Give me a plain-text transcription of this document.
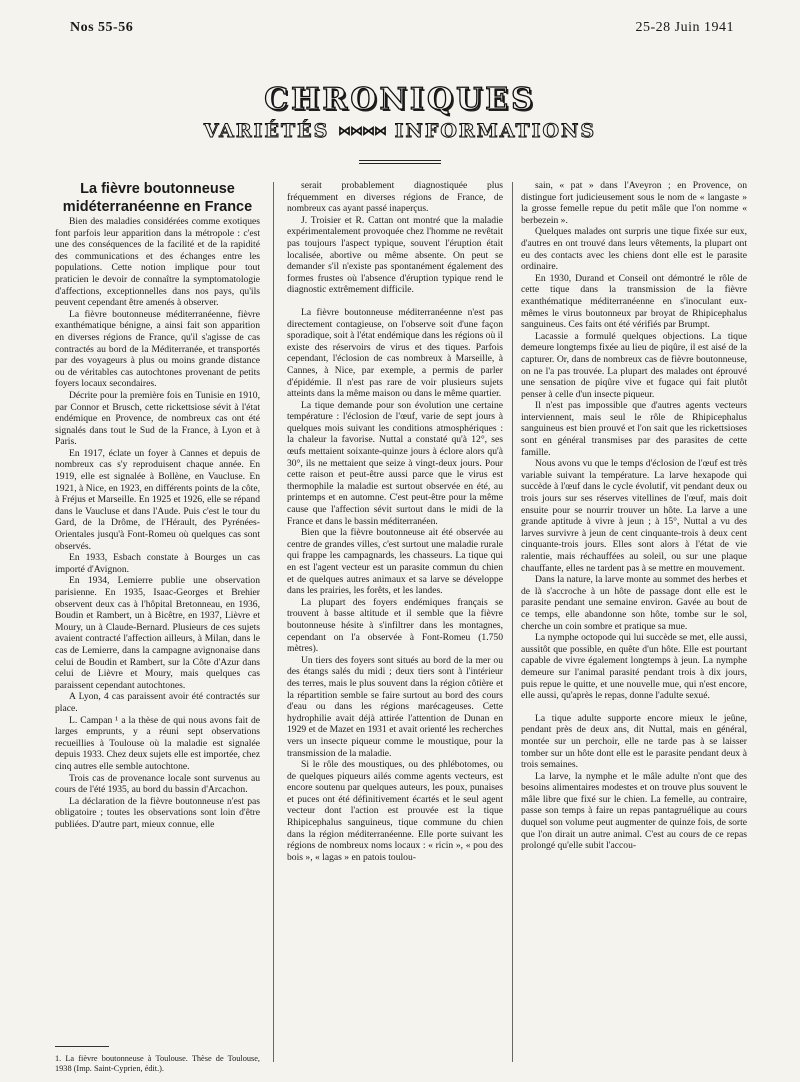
Nos 55-56	25-28 Juin 1941
CHRONIQUES
VARIÉTÉS ⋈⋈⋈⋈ INFORMATIONS

La fièvre boutonneuse midéterranéenne en France

Bien des maladies considérées comme exotiques font parfois leur apparition dans la métropole : c'est une des conséquences de la facilité et de la rapidité des communications et des échanges entre les populations. Cette notion implique pour tout praticien le devoir de connaître la symptomatologie d'affections, exceptionnelles dans nos pays, qu'ils peuvent cependant être amenés à observer.

La fièvre boutonneuse méditerranéenne, fièvre exanthématique bénigne, a ainsi fait son apparition en diverses régions de France, qu'il s'agisse de cas contractés au bord de la Méditerranée, et transportés par des voyageurs à plus ou moins grande distance ou de véritables cas autochtones provenant de petits foyers locaux secondaires.

Décrite pour la première fois en Tunisie en 1910, par Connor et Brusch, cette rickettsiose sévit à l'état endémique en Provence, de nombreux cas ont été signalés dans tout le Sud de la France, à Lyon et à Paris.

En 1917, éclate un foyer à Cannes et depuis de nombreux cas s'y reproduisent chaque année. En 1919, elle est signalée à Bollène, en Vaucluse. En 1921, à Nice, en 1923, en différents points de la côte, à Fréjus et Marseille. En 1925 et 1926, elle se répand dans le Vaucluse et dans l'Aude. Puis c'est le tour du Gard, de la Drôme, de l'Hérault, des Pyrénées-Orientales jusqu'à Font-Romeu où quelques cas sont observés.

En 1933, Esbach constate à Bourges un cas importé d'Avignon.

En 1934, Lemierre publie une observation parisienne. En 1935, Isaac-Georges et Brehier observent deux cas à l'hôpital Bretonneau, en 1936, Boudin et Rambert, un à Bicêtre, en 1937, Lièvre et Moury, un à Claude-Bernard. Plusieurs de ces sujets avaient contracté l'affection ailleurs, à Milan, dans le cas de Lemierre, dans la campagne avignonaise dans celui de Boudin et Rambert, sur la Côte d'Azur dans celui de Lièvre et Moury, mais quelques cas paraissent cependant autochtones.

A Lyon, 4 cas paraissent avoir été contractés sur place.

L. Campan ¹ a la thèse de qui nous avons fait de larges emprunts, y a réuni sept observations recueillies à Toulouse où la maladie est signalée depuis 1933. Chez deux sujets elle est importée, chez cinq autres elle semble autochtone.

Trois cas de provenance locale sont survenus au cours de l'été 1935, au bord du bassin d'Arcachon.

La déclaration de la fièvre boutonneuse n'est pas obligatoire ; toutes les observations sont loin d'être publiées. D'autre part, mieux connue, elle

1. La fièvre boutonneuse à Toulouse. Thèse de Toulouse, 1938 (Imp. Saint-Cyprien, édit.).

serait probablement diagnostiquée plus fréquemment en diverses régions de France, de nombreux cas ayant passé inaperçus.

J. Troisier et R. Cattan ont montré que la maladie expérimentalement provoquée chez l'homme ne revêtait pas toujours l'aspect typique, souvent l'éruption était localisée, abortive ou même absente. On peut se demander s'il n'existe pas spontanément également des formes frustes où l'absence d'éruption typique rend le diagnostic extrêmement difficile.

La fièvre boutonneuse méditerranéenne n'est pas directement contagieuse, on l'observe soit d'une façon sporadique, soit à l'état endémique dans les régions où il existe des réservoirs de virus et des tiques. Parfois cependant, l'éclosion de cas nombreux à Marseille, à Cannes, à Nice, par exemple, a permis de parler d'épidémie. Il n'est pas rare de voir plusieurs sujets atteints dans la même maison ou dans le même quartier.

La tique demande pour son évolution une certaine température : l'éclosion de l'œuf, varie de sept jours à quelques mois suivant les conditions atmosphériques : la chaleur la favorise. Nuttal a constaté qu'à 12°, ses œufs mettaient soixante-quinze jours à éclore alors qu'à 30°, ils ne mettaient que seize à vingt-deux jours. Pour cette raison et peut-être aussi parce que le virus est thermophile la maladie est surtout observée en été, au printemps et en automne. C'est peut-être pour la même cause que l'affection sévit surtout dans le midi de la France et dans le bassin méditerranéen.

Bien que la fièvre boutonneuse ait été observée au centre de grandes villes, c'est surtout une maladie rurale qui frappe les campagnards, les chasseurs. La tique qui en est l'agent vecteur est un parasite commun du chien et de quelques autres animaux et sa larve se développe dans les prairies, les forêts, et les landes.

La plupart des foyers endémiques français se trouvent à basse altitude et il semble que la fièvre boutonneuse hésite à s'infiltrer dans les montagnes, cependant on l'a observée à Font-Romeu (1.750 mètres).

Un tiers des foyers sont situés au bord de la mer ou des étangs salés du midi ; deux tiers sont à l'intérieur des terres, mais le plus souvent dans la région côtière et la répartition semble se faire surtout au bord des cours d'eau ou dans les régions marécageuses. Cette hydrophilie avait déjà attirée l'attention de Dunan en 1929 et de Mazet en 1931 et avait orienté les recherches vers un insecte piqueur comme le moustique, pour la transmission de la maladie.

Si le rôle des moustiques, ou des phlébotomes, ou de quelques piqueurs ailés comme agents vecteurs, est encore soutenu par quelques auteurs, les poux, punaises et puces ont été définitivement écartés et le seul agent vecteur dont l'action est prouvée est la tique Rhipicephalus sanguineus, tique commune du chien dans la région méditerranéenne. Elle porte suivant les régions de nombreux noms locaux : « ricin », « pou des bois », « lagas » en patois toulou-

sain, « pat » dans l'Aveyron ; en Provence, on distingue fort judicieusement sous le nom de « langaste » la grosse femelle repue du petit mâle que l'on nomme « berbezein ».

Quelques malades ont surpris une tique fixée sur eux, d'autres en ont trouvé dans leurs vêtements, la plupart ont eu des contacts avec les chiens dont elle est le parasite ordinaire.

En 1930, Durand et Conseil ont démontré le rôle de cette tique dans la transmission de la fièvre exanthématique méditerranéenne en s'inoculant eux-mêmes le virus boutonneux par broyat de Rhipicephalus sanguineus. Ces faits ont été vérifiés par Brumpt.

Lacassie a formulé quelques objections. La tique demeure longtemps fixée au lieu de piqûre, il est aisé de la capturer. Or, dans de nombreux cas de fièvre boutonneuse, on ne l'a pas trouvée. La plupart des malades ont éprouvé une sensation de piqûre vive et fugace qui fait plutôt penser à celle d'un insecte piqueur.

Il n'est pas impossible que d'autres agents vecteurs interviennent, mais seul le rôle de Rhipicephalus sanguineus est bien prouvé et l'on sait que les rickettsioses sont en général transmises par des parasites de cette famille.

Nous avons vu que le temps d'éclosion de l'œuf est très variable suivant la température. La larve hexapode qui succède à l'œuf dans le cycle évolutif, vit pendant deux ou trois jours sur ses réserves vitellines de l'œuf, mais doit ensuite pour se nourrir trouver un hôte. La larve a une grande aptitude à vivre à jeun ; à 15°, Nuttal a vu des larves survivre à jeun de cent cinquante-trois à deux cent cinquante-trois jours. Elles sont alors à l'état de vie ralentie, mais réchauffées au soleil, ou sur une plaque chauffante, elles ne tardent pas à se mettre en mouvement.

Dans la nature, la larve monte au sommet des herbes et de là s'accroche à un hôte de passage dont elle est le parasite pendant une semaine environ. Gavée au bout de ce temps, elle abandonne son hôte, tombe sur le sol, cherche un coin sombre et pratique sa mue.

La nymphe octopode qui lui succède se met, elle aussi, aussitôt que possible, en quête d'un hôte. Elle est pourtant capable de vivre également longtemps à jeun. La nymphe demeure sur l'animal parasité pendant trois à dix jours, puis repue le quitte, et une nouvelle mue, qui n'est encore, elle aussi, qu'après le repas, donne l'adulte sexué.

La tique adulte supporte encore mieux le jeûne, pendant près de deux ans, dit Nuttal, mais en général, montée sur un perchoir, elle ne tarde pas à se laisser tomber sur un hôte dont elle est le parasite pendant deux à trois semaines.

La larve, la nymphe et le mâle adulte n'ont que des besoins alimentaires modestes et on trouve plus souvent le mâle libre que fixé sur le chien. La femelle, au contraire, passe son temps à faire un repas pantagruélique au cours duquel son volume peut augmenter de quinze fois, de sorte que l'on dirait un autre animal. C'est au cours de ce repas prolongé qu'elle subit l'accou-
